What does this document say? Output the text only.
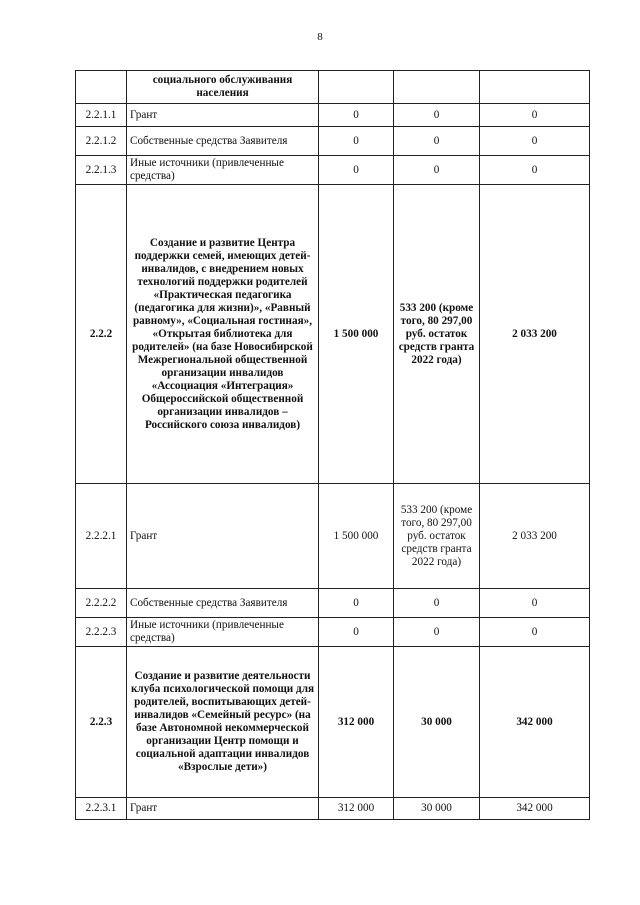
8
	социального обслуживания населения			
2.2.1.1	Грант	0	0	0
2.2.1.2	Собственные средства Заявителя	0	0	0
2.2.1.3	Иные источники (привлеченные средства)	0	0	0
2.2.2	Создание и развитие Центра поддержки семей, имеющих детей-инвалидов, с внедрением новых технологий поддержки родителей «Практическая педагогика (педагогика для жизни)», «Равный равному», «Социальная гостиная», «Открытая библиотека для родителей» (на базе Новосибирской Межрегиональной общественной организации инвалидов «Ассоциация «Интеграция» Общероссийской общественной организации инвалидов – Российского союза инвалидов)	1 500 000	533 200 (кроме того, 80 297,00 руб. остаток средств гранта 2022 года)	2 033 200
2.2.2.1	Грант	1 500 000	533 200 (кроме того, 80 297,00 руб. остаток средств гранта 2022 года)	2 033 200
2.2.2.2	Собственные средства Заявителя	0	0	0
2.2.2.3	Иные источники (привлеченные средства)	0	0	0
2.2.3	Создание и развитие деятельности клуба психологической помощи для родителей, воспитывающих детей-инвалидов «Семейный ресурс» (на базе Автономной некоммерческой организации Центр помощи и социальной адаптации инвалидов «Взрослые дети»)	312 000	30 000	342 000
2.2.3.1	Грант	312 000	30 000	342 000
